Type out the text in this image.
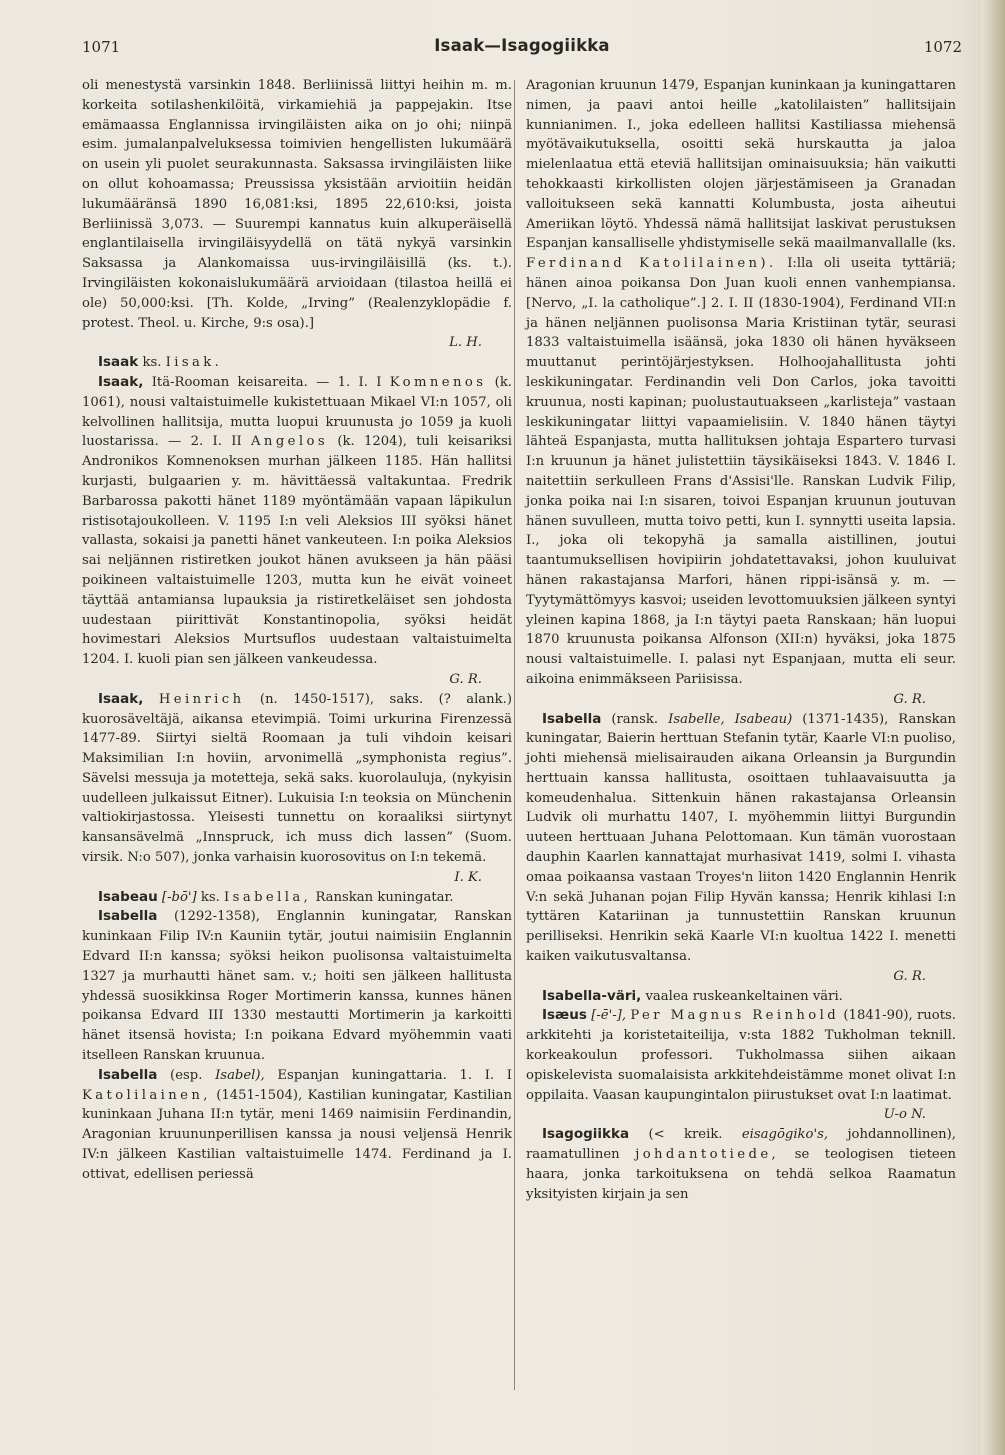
1071	Isaak—Isagogiikka	1072

oli menestystä varsinkin 1848. Berliinissä liittyi heihin m. m. korkeita sotilashenkilöitä, virkamiehiä ja pappejakin. Itse emämaassa Englannissa irvingiläisten aika on jo ohi; niinpä esim. jumalanpalveluksessa toimivien hengellisten lukumäärä on usein yli puolet seurakunnasta. Saksassa irvingiläisten liike on ollut kohoamassa; Preussissa yksistään arvioitiin heidän lukumääränsä 1890 16,081:ksi, 1895 22,610:ksi, joista Berliinissä 3,073. — Suurempi kannatus kuin alkuperäisellä englantilaisella irvingiläisyydellä on tätä nykyä varsinkin Saksassa ja Alankomaissa uus-irvingiläisillä (ks. t.). Irvingiläisten kokonaislukumäärä arvioidaan (tilastoa heillä ei ole) 50,000:ksi. [Th. Kolde, „Irving” (Realenzyklopädie f. protest. Theol. u. Kirche, 9:s osa).]
L. H.

Isaak ks. Iisak.

Isaak, Itä-Rooman keisareita. — 1. I. I Komnenos (k. 1061), nousi valtaistuimelle kukistettuaan Mikael VI:n 1057, oli kelvollinen hallitsija, mutta luopui kruunusta jo 1059 ja kuoli luostarissa. — 2. I. II Angelos (k. 1204), tuli keisariksi Andronikos Komnenoksen murhan jälkeen 1185. Hän hallitsi kurjasti, bulgaarien y. m. hävittäessä valtakuntaa. Fredrik Barbarossa pakotti hänet 1189 myöntämään vapaan läpikulun ristisotajoukolleen. V. 1195 I:n veli Aleksios III syöksi hänet vallasta, sokaisi ja panetti hänet vankeuteen. I:n poika Aleksios sai neljännen ristiretken joukot hänen avukseen ja hän pääsi poikineen valtaistuimelle 1203, mutta kun he eivät voineet täyttää antamiansa lupauksia ja ristiretkeläiset sen johdosta uudestaan piirittivät Konstantinopolia, syöksi heidät hovimestari Aleksios Murtsuflos uudestaan valtaistuimelta 1204. I. kuoli pian sen jälkeen vankeudessa.
G. R.

Isaak, Heinrich (n. 1450-1517), saks. (? alank.) kuorosäveltäjä, aikansa etevimpiä. Toimi urkurina Firenzessä 1477-89. Siirtyi sieltä Roomaan ja tuli vihdoin keisari Maksimilian I:n hoviin, arvonimellä „symphonista regius”. Sävelsi messuja ja motetteja, sekä saks. kuorolauluja, (nykyisin uudelleen julkaissut Eitner). Lukuisia I:n teoksia on Münchenin valtiokirjastossa. Yleisesti tunnettu on koraaliksi siirtynyt kansansävelmä „Innspruck, ich muss dich lassen” (Suom. virsik. N:o 507), jonka varhaisin kuorosovitus on I:n tekemä.
I. K.

Isabeau [-bō'] ks. Isabella, Ranskan kuningatar.

Isabella (1292-1358), Englannin kuningatar, Ranskan kuninkaan Filip IV:n Kauniin tytär, joutui naimisiin Englannin Edvard II:n kanssa; syöksi heikon puolisonsa valtaistuimelta 1327 ja murhautti hänet sam. v.; hoiti sen jälkeen hallitusta yhdessä suosikkinsa Roger Mortimerin kanssa, kunnes hänen poikansa Edvard III 1330 mestautti Mortimerin ja karkoitti hänet itsensä hovista; I:n poikana Edvard myöhemmin vaati itselleen Ranskan kruunua.

Isabella (esp. Isabel), Espanjan kuningattaria. 1. I. I Katolilainen, (1451-1504), Kastilian kuningatar, Kastilian kuninkaan Juhana II:n tytär, meni 1469 naimisiin Ferdinandin, Aragonian kruununperillisen kanssa ja nousi veljensä Henrik IV:n jälkeen Kastilian valtaistuimelle 1474. Ferdinand ja I. ottivat, edellisen periessä

Aragonian kruunun 1479, Espanjan kuninkaan ja kuningattaren nimen, ja paavi antoi heille „katolilaisten” hallitsijain kunnianimen. I., joka edelleen hallitsi Kastiliassa miehensä myötävaikutuksella, osoitti sekä hurskautta ja jaloa mielenlaatua että eteviä hallitsijan ominaisuuksia; hän vaikutti tehokkaasti kirkollisten olojen järjestämiseen ja Granadan valloitukseen sekä kannatti Kolumbusta, josta aiheutui Ameriikan löytö. Yhdessä nämä hallitsijat laskivat perustuksen Espanjan kansalliselle yhdistymiselle sekä maailmanvallalle (ks. Ferdinand Katolilainen). I:lla oli useita tyttäriä; hänen ainoa poikansa Don Juan kuoli ennen vanhempiansa. [Nervo, „I. la catholique”.] 2. I. II (1830-1904), Ferdinand VII:n ja hänen neljännen puolisonsa Maria Kristiinan tytär, seurasi 1833 valtaistuimella isäänsä, joka 1830 oli hänen hyväkseen muuttanut perintöjärjestyksen. Holhoojahallitusta johti leskikuningatar. Ferdinandin veli Don Carlos, joka tavoitti kruunua, nosti kapinan; puolustautuakseen „karlisteja” vastaan leskikuningatar liittyi vapaamielisiin. V. 1840 hänen täytyi lähteä Espanjasta, mutta hallituksen johtaja Espartero turvasi I:n kruunun ja hänet julistettiin täysikäiseksi 1843. V. 1846 I. naitettiin serkulleen Frans d'Assisi'lle. Ranskan Ludvik Filip, jonka poika nai I:n sisaren, toivoi Espanjan kruunun joutuvan hänen suvulleen, mutta toivo petti, kun I. synnytti useita lapsia. I., joka oli tekopyhä ja samalla aistillinen, joutui taantumuksellisen hovipiirin johdatettavaksi, johon kuuluivat hänen rakastajansa Marfori, hänen rippi-isänsä y. m. — Tyytymättömyys kasvoi; useiden levottomuuksien jälkeen syntyi yleinen kapina 1868, ja I:n täytyi paeta Ranskaan; hän luopui 1870 kruunusta poikansa Alfonson (XII:n) hyväksi, joka 1875 nousi valtaistuimelle. I. palasi nyt Espanjaan, mutta eli seur. aikoina enimmäkseen Pariisissa.
G. R.

Isabella (ransk. Isabelle, Isabeau) (1371-1435), Ranskan kuningatar, Baierin herttuan Stefanin tytär, Kaarle VI:n puoliso, johti miehensä mielisairauden aikana Orleansin ja Burgundin herttuain kanssa hallitusta, osoittaen tuhlaavaisuutta ja komeudenhalua. Sittenkuin hänen rakastajansa Orleansin Ludvik oli murhattu 1407, I. myöhemmin liittyi Burgundin uuteen herttuaan Juhana Pelottomaan. Kun tämän vuorostaan dauphin Kaarlen kannattajat murhasivat 1419, solmi I. vihasta omaa poikaansa vastaan Troyes'n liiton 1420 Englannin Henrik V:n sekä Juhanan pojan Filip Hyvän kanssa; Henrik kihlasi I:n tyttären Katariinan ja tunnustettiin Ranskan kruunun perilliseksi. Henrikin sekä Kaarle VI:n kuoltua 1422 I. menetti kaiken vaikutusvaltansa.
G. R.

Isabella-väri, vaalea ruskeankeltainen väri.

Isæus [-ē'-], Per Magnus Reinhold (1841-90), ruots. arkkitehti ja koristetaiteilija, v:sta 1882 Tukholman teknill. korkeakoulun professori. Tukholmassa siihen aikaan opiskelevista suomalaisista arkkitehdeistämme monet olivat I:n oppilaita. Vaasan kaupungintalon piirustukset ovat I:n laatimat.
U-o N.

Isagogiikka (< kreik. eisagōgiko's, johdannollinen), raamatullinen johdantotiede, se teologisen tieteen haara, jonka tarkoituksena on tehdä selkoa Raamatun yksityisten kirjain ja sen
